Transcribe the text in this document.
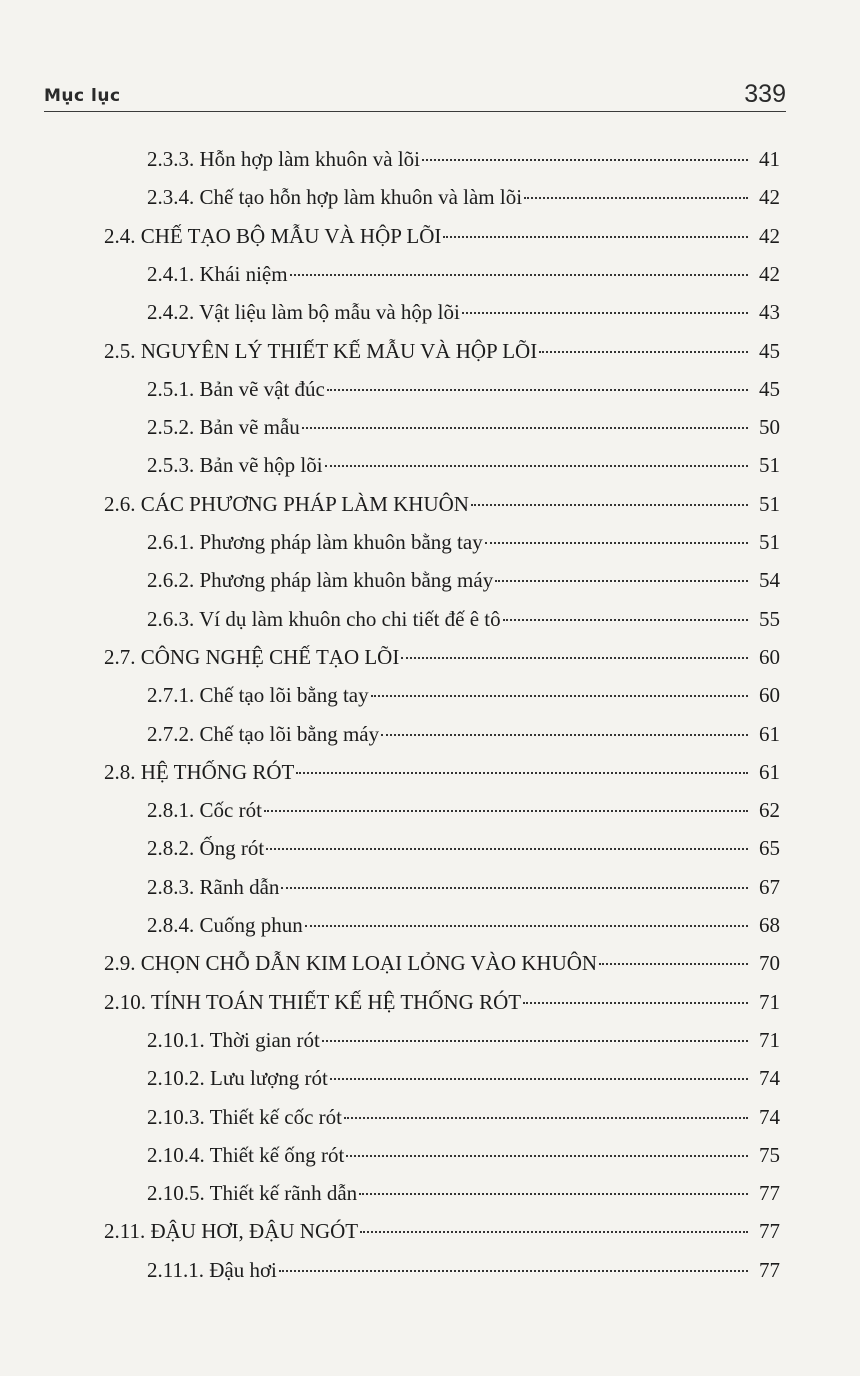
Mục lục	339
2.3.3. Hỗn hợp làm khuôn và lõi	41
2.3.4. Chế tạo hỗn hợp làm khuôn và làm lõi	42
2.4. CHẾ TẠO BỘ MẪU VÀ HỘP LÕI	42
2.4.1. Khái niệm	42
2.4.2. Vật liệu làm bộ mẫu và hộp lõi	43
2.5. NGUYÊN LÝ THIẾT KẾ MẪU VÀ HỘP LÕI	45
2.5.1. Bản vẽ vật đúc	45
2.5.2. Bản vẽ mẫu	50
2.5.3. Bản vẽ hộp lõi	51
2.6. CÁC PHƯƠNG PHÁP LÀM KHUÔN	51
2.6.1. Phương pháp làm khuôn bằng tay	51
2.6.2. Phương pháp làm khuôn bằng máy	54
2.6.3. Ví dụ làm khuôn cho chi tiết đế ê tô	55
2.7. CÔNG NGHỆ CHẾ TẠO LÕI	60
2.7.1. Chế tạo lõi bằng tay	60
2.7.2. Chế tạo lõi bằng máy	61
2.8. HỆ THỐNG RÓT	61
2.8.1. Cốc rót	62
2.8.2. Ống rót	65
2.8.3. Rãnh dẫn	67
2.8.4. Cuống phun	68
2.9. CHỌN CHỖ DẪN KIM LOẠI LỎNG VÀO KHUÔN	70
2.10. TÍNH TOÁN THIẾT KẾ HỆ THỐNG RÓT	71
2.10.1. Thời gian rót	71
2.10.2. Lưu lượng rót	74
2.10.3. Thiết kế cốc rót	74
2.10.4. Thiết kế ống rót	75
2.10.5. Thiết kế rãnh dẫn	77
2.11. ĐẬU HƠI, ĐẬU NGÓT	77
2.11.1. Đậu hơi	77
